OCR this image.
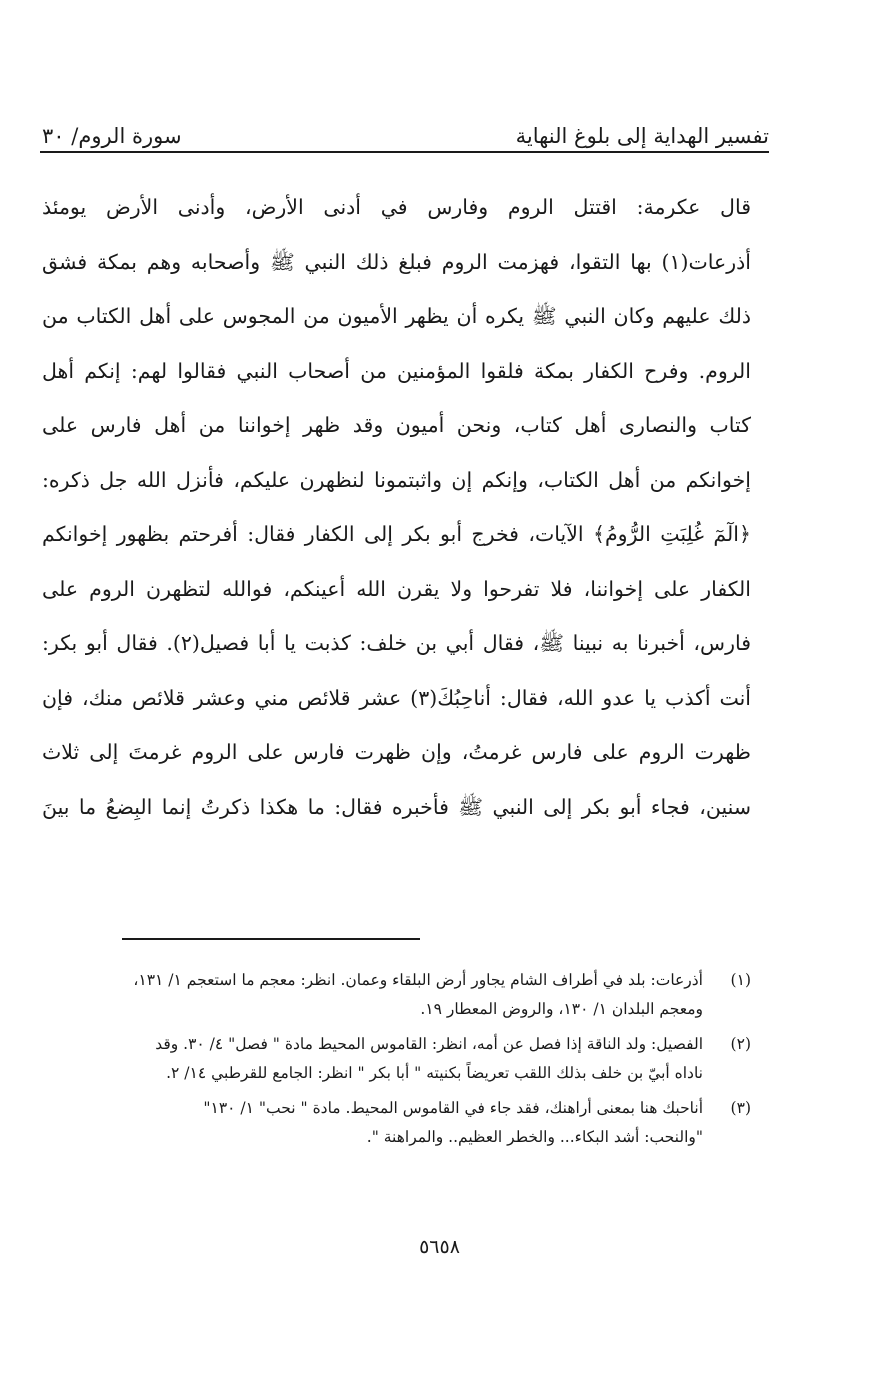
تفسير الهداية إلى بلوغ النهاية
سورة الروم/ ٣٠

قال عكرمة: اقتتل الروم وفارس في أدنى الأرض، وأدنى الأرض يومئذ

أذرعات(١) بها التقوا، فهزمت الروم فبلغ ذلك النبي ﷺ وأصحابه وهم بمكة فشق

ذلك عليهم وكان النبي ﷺ يكره أن يظهر الأميون من المجوس على أهل الكتاب من

الروم. وفرح الكفار بمكة فلقوا المؤمنين من أصحاب النبي فقالوا لهم: إنكم أهل

كتاب والنصارى أهل كتاب، ونحن أميون وقد ظهر إخواننا من أهل فارس على

إخوانكم من أهل الكتاب، وإنكم إن واثبتمونا لنظهرن عليكم، فأنزل الله جل ذكره:

﴿الٓمٓ غُلِبَتِ الرُّومُ﴾ الآيات، فخرج أبو بكر إلى الكفار فقال: أفرحتم بظهور إخوانكم

الكفار على إخواننا، فلا تفرحوا ولا يقرن الله أعينكم، فوالله لتظهرن الروم على

فارس، أخبرنا به نبينا ﷺ، فقال أبي بن خلف: كذبت يا أبا فصيل(٢). فقال أبو بكر:

أنت أكذب يا عدو الله، فقال: أناحِبُكَ(٣) عشر قلائص مني وعشر قلائص منك، فإن

ظهرت الروم على فارس غرمتُ، وإن ظهرت فارس على الروم غرمتَ إلى ثلاث

سنين، فجاء أبو بكر إلى النبي ﷺ فأخبره فقال: ما هكذا ذكرتُ إنما البِضعُ ما بينَ

(١)
أذرعات: بلد في أطراف الشام يجاور أرض البلقاء وعمان. انظر: معجم ما استعجم ١/ ١٣١،
ومعجم البلدان ١/ ١٣٠، والروض المعطار ١٩.
(٢)
الفصيل: ولد الناقة إذا فصل عن أمه، انظر: القاموس المحيط مادة " فصل" ٤/ ٣٠. وقد
ناداه أبيّ بن خلف بذلك اللقب تعريضاً بكنيته " أبا بكر " انظر: الجامع للقرطبي ١٤/ ٢.
(٣)
أناحبك هنا بمعنى أراهنك، فقد جاء في القاموس المحيط. مادة " نحب" ١/ ١٣٠"
"والنحب: أشد البكاء... والخطر العظيم.. والمراهنة ".
٥٦٥٨
